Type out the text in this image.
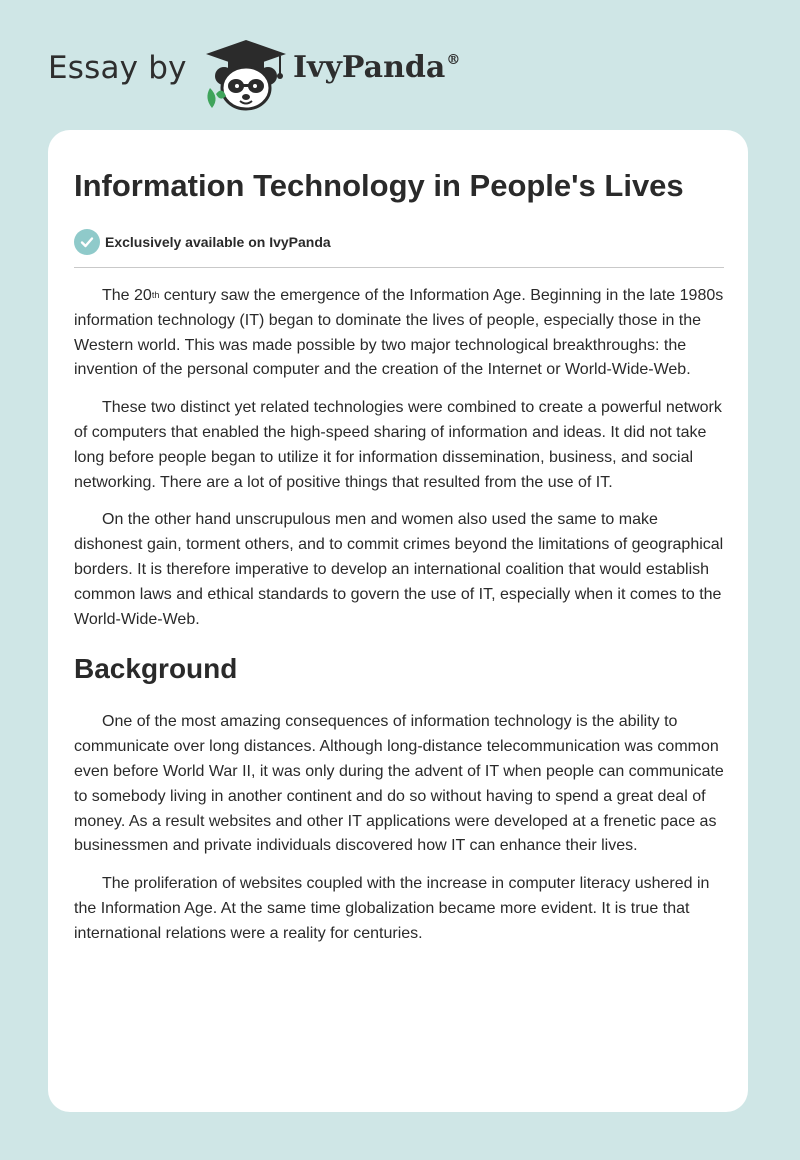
Essay by	IvyPanda®
Information Technology in People's Lives
Exclusively available on IvyPanda

The 20th century saw the emergence of the Information Age. Beginning in the late 1980s information technology (IT) began to dominate the lives of people, especially those in the Western world. This was made possible by two major technological breakthroughs: the invention of the personal computer and the creation of the Internet or World-Wide-Web.

These two distinct yet related technologies were combined to create a powerful network of computers that enabled the high-speed sharing of information and ideas. It did not take long before people began to utilize it for information dissemination, business, and social networking. There are a lot of positive things that resulted from the use of IT.

On the other hand unscrupulous men and women also used the same to make dishonest gain, torment others, and to commit crimes beyond the limitations of geographical borders. It is therefore imperative to develop an international coalition that would establish common laws and ethical standards to govern the use of IT, especially when it comes to the World-Wide-Web.

Background

One of the most amazing consequences of information technology is the ability to communicate over long distances. Although long-distance telecommunication was common even before World War II, it was only during the advent of IT when people can communicate to somebody living in another continent and do so without having to spend a great deal of money. As a result websites and other IT applications were developed at a frenetic pace as businessmen and private individuals discovered how IT can enhance their lives.

The proliferation of websites coupled with the increase in computer literacy ushered in the Information Age. At the same time globalization became more evident. It is true that international relations were a reality for centuries.
